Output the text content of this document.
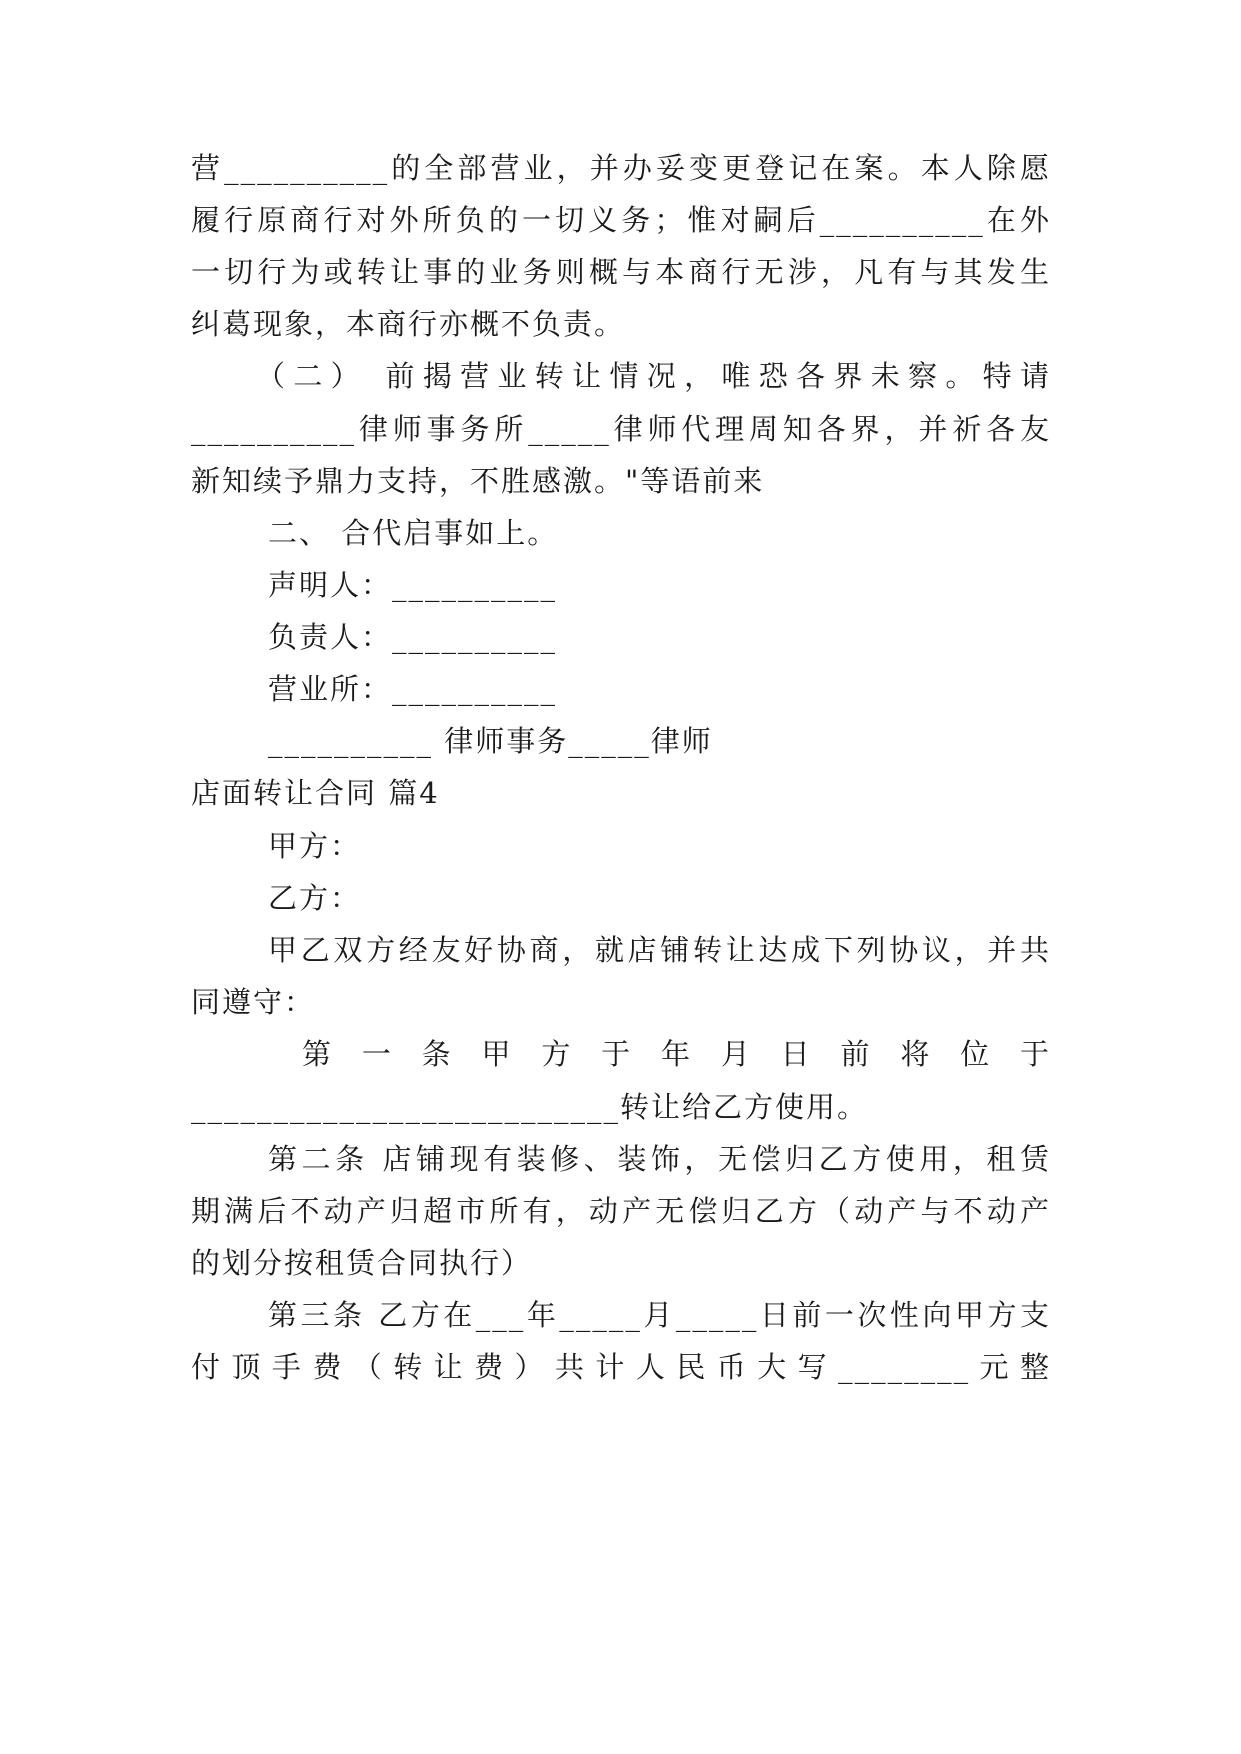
营__________的全部营业，并办妥变更登记在案。本人除愿
履行原商行对外所负的一切义务；惟对嗣后__________在外
一切行为或转让事的业务则概与本商行无涉，凡有与其发生
纠葛现象，本商行亦概不负责。
（二） 前揭营业转让情况，唯恐各界未察。特请
__________律师事务所_____律师代理周知各界，并祈各友
新知续予鼎力支持，不胜感激。"等语前来
二、 合代启事如上。
声明人：__________
负责人：__________
营业所：__________
__________ 律师事务_____律师
店面转让合同 篇4
甲方：
乙方：
甲乙双方经友好协商，就店铺转让达成下列协议，并共
同遵守：
第 一 条 甲 方 于 年 月 日 前 将 位 于
__________________________转让给乙方使用。
第二条 店铺现有装修、装饰，无偿归乙方使用，租赁
期满后不动产归超市所有，动产无偿归乙方（动产与不动产
的划分按租赁合同执行）
第三条 乙方在___年_____月_____日前一次性向甲方支
付顶手费（转让费）共计人民币大写________元整
